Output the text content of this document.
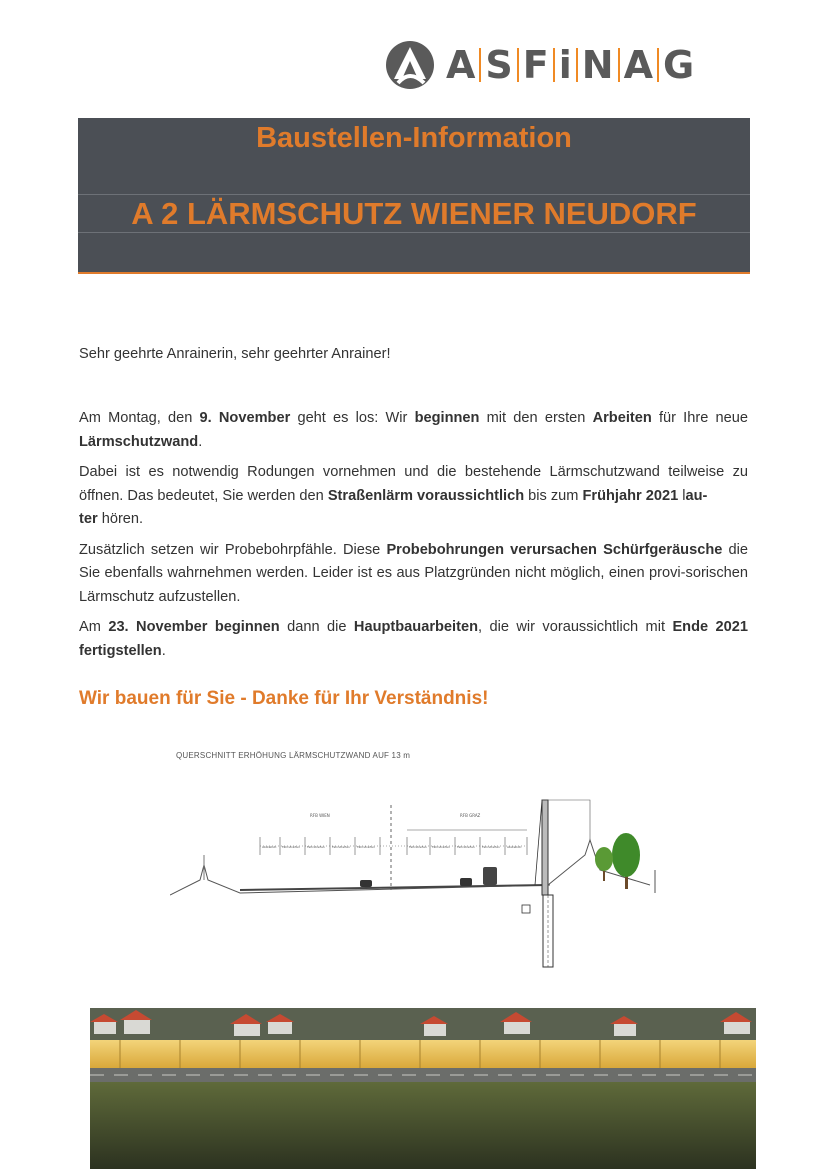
A S F i N A G
Baustellen-Information
A 2 LÄRMSCHUTZ WIENER NEUDORF
Sehr geehrte Anrainerin, sehr geehrter Anrainer!

Am Montag, den 9. November geht es los: Wir beginnen mit den ersten Arbeiten für Ihre neue Lärmschutzwand.

Dabei ist es notwendig Rodungen vornehmen und die bestehende Lärmschutzwand teilweise zu öffnen. Das bedeutet, Sie werden den Straßenlärm voraussichtlich bis zum Frühjahr 2021 lau-
ter hören.

Zusätzlich setzen wir Probebohrpfähle. Diese Probebohrungen verursachen Schürfgeräusche die Sie ebenfalls wahrnehmen werden. Leider ist es aus Platzgründen nicht möglich, einen provi-sorischen Lärmschutz aufzustellen.

Am 23. November beginnen dann die Hauptbauarbeiten, die wir voraussichtlich mit Ende 2021 fertigstellen.

Wir bauen für Sie - Danke für Ihr Verständnis!
QUERSCHNITT ERHÖHUNG LÄRMSCHUTZWAND AUF 13 m
RFB WIEN	RFB GRAZ
Abstellstr. Fahrstreifen Fahrstreifen Fahrstreifen Fahrstreifen	Fahrstreifen Fahrstreifen Fahrstreifen Fahrstreifen Abstellstr.
